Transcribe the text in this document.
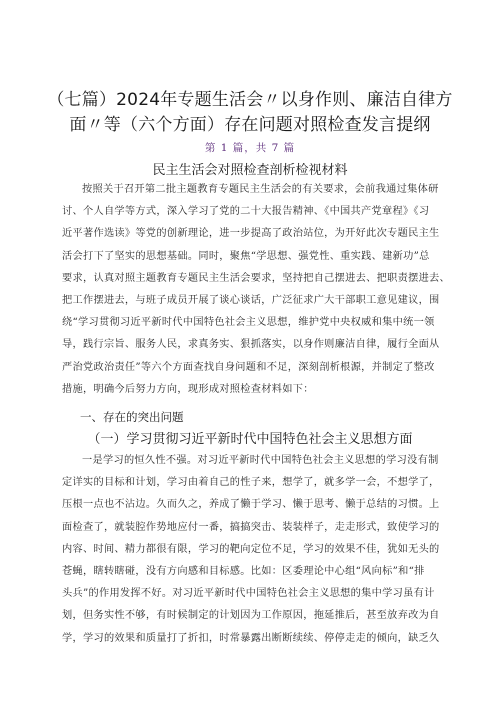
（七篇）2024年专题生活会〃以身作则、廉洁自律方
面〃等（六个方面）存在问题对照检查发言提纲
第 1 篇，共 7 篇
民主生活会对照检查剖析检视材料
按照关于召开第二批主题教育专题民主生活会的有关要求，会前我通过集体研
讨、个人自学等方式，深入学习了党的二十大报告精神、《中国共产党章程》《习
近平著作选读》等党的创新理论，进一步提高了政治站位，为开好此次专题民主生
活会打下了坚实的思想基础。同时，聚焦“学思想、强党性、重实践、建新功”总
要求，认真对照主题教育专题民主生活会要求，坚持把自己摆进去、把职责摆进去、
把工作摆进去，与班子成员开展了谈心谈话，广泛征求广大干部职工意见建议，围
绕“学习贯彻习近平新时代中国特色社会主义思想，维护党中央权威和集中统一领
导，践行宗旨、服务人民，求真务实、狠抓落实，以身作则廉洁自律，履行全面从
严治党政治责任”等六个方面查找自身问题和不足，深刻剖析根源，并制定了整改
措施，明确今后努力方向，现形成对照检查材料如下：
一、存在的突出问题
（一）学习贯彻习近平新时代中国特色社会主义思想方面
一是学习的恒久性不强。对习近平新时代中国特色社会主义思想的学习没有制
定详实的目标和计划，学习由着自己的性子来，想学了，就多学一会，不想学了，
压根一点也不沾边。久而久之，养成了懒于学习、懒于思考、懒于总结的习惯。上
面检查了，就装腔作势地应付一番，搞搞突击、装装样子，走走形式，致使学习的
内容、时间、精力都很有限，学习的靶向定位不足，学习的效果不佳，犹如无头的
苍蝇，瞎转瞎碰，没有方向感和目标感。比如：区委理论中心组“风向标”和“排
头兵”的作用发挥不好。对习近平新时代中国特色社会主义思想的集中学习虽有计
划，但务实性不够，有时候制定的计划因为工作原因，拖延推后，甚至放弃改为自
学，学习的效果和质量打了折扣，时常暴露出断断续续、停停走走的倾向，缺乏久
